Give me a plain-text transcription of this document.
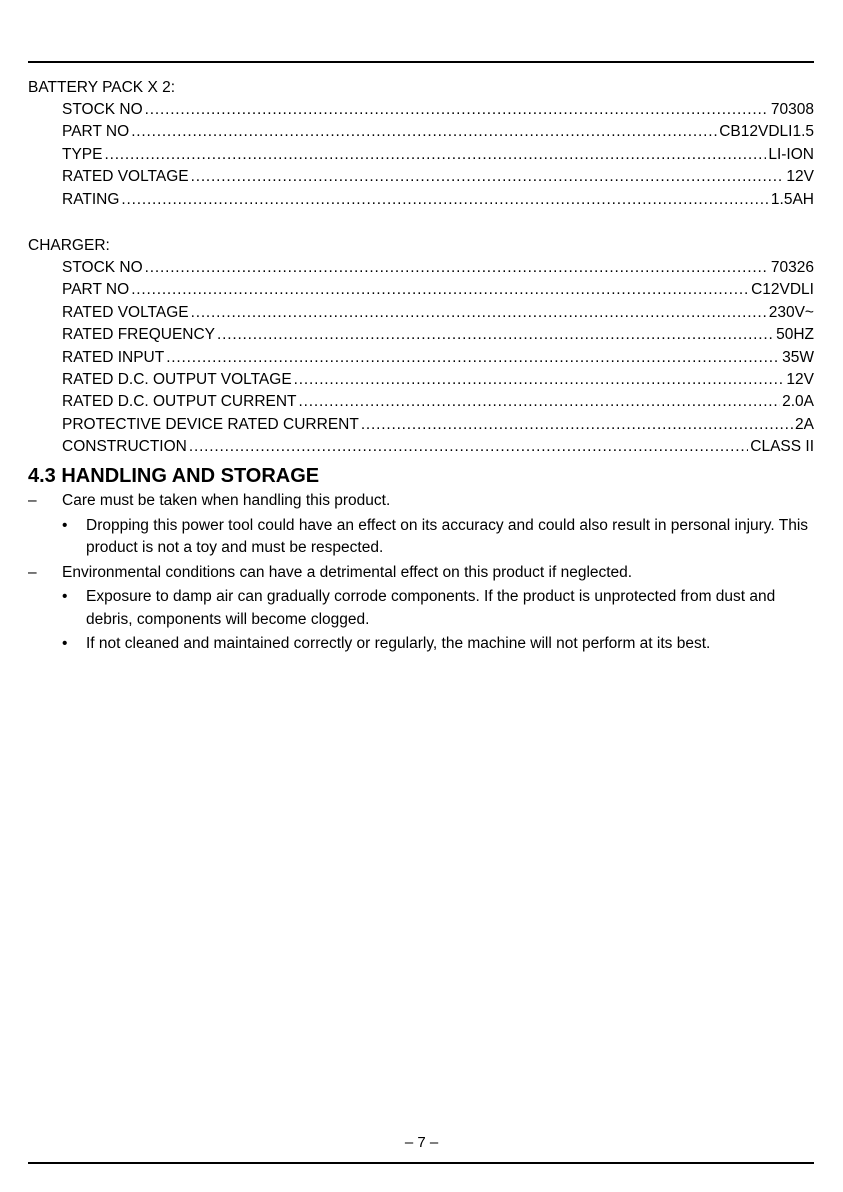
BATTERY PACK X 2:
STOCK NO .....	70308
PART NO .....	CB12VDLI1.5
TYPE .....	LI-ION
RATED VOLTAGE .....	12V
RATING .....	1.5AH
CHARGER:
STOCK NO .....	70326
PART NO .....	C12VDLI
RATED VOLTAGE .....	230V~
RATED FREQUENCY .....	50HZ
RATED INPUT .....	35W
RATED D.C. OUTPUT VOLTAGE .....	12V
RATED D.C. OUTPUT CURRENT .....	2.0A
PROTECTIVE DEVICE RATED CURRENT .....	2A
CONSTRUCTION .....	CLASS II
4.3 HANDLING AND STORAGE
–	Care must be taken when handling this product.
•	Dropping this power tool could have an effect on its accuracy and could also result in personal injury. This product is not a toy and must be respected.
–	Environmental conditions can have a detrimental effect on this product if neglected.
•	Exposure to damp air can gradually corrode components. If the product is unprotected from dust and debris, components will become clogged.
•	If not cleaned and maintained correctly or regularly, the machine will not perform at its best.
– 7 –
